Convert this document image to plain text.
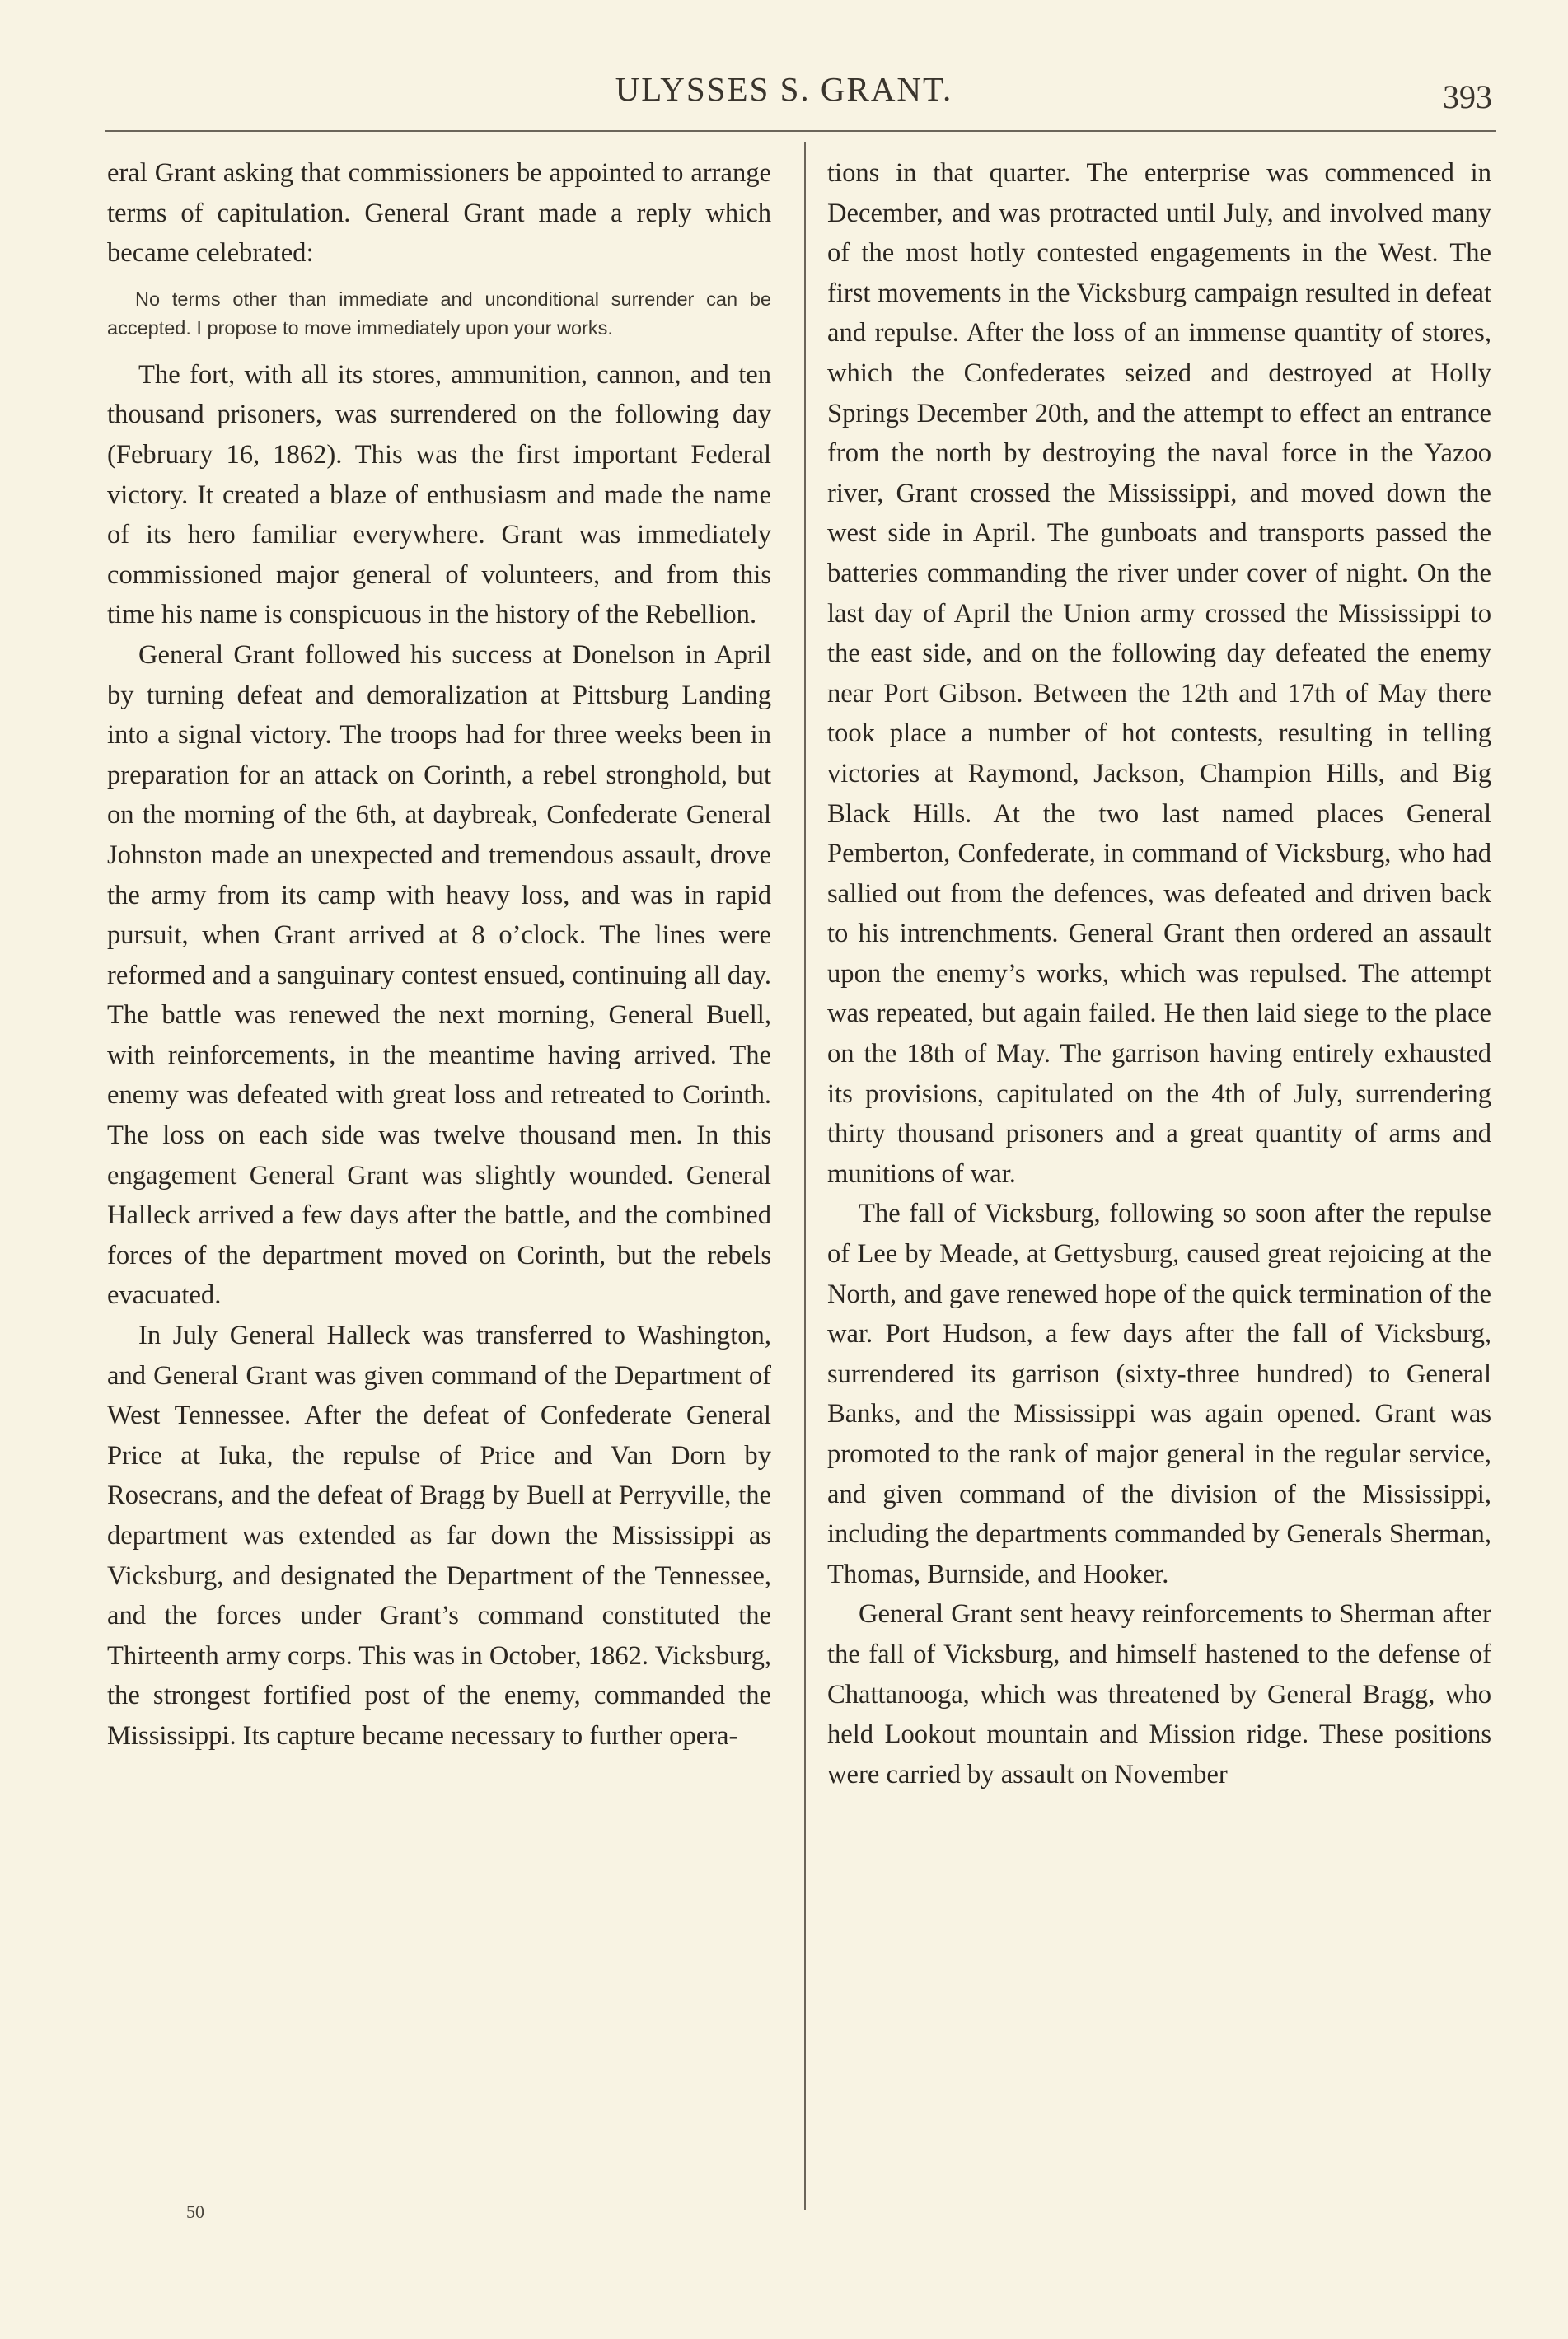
ULYSSES S. GRANT.	393

eral Grant asking that commissioners be appointed to arrange terms of capitulation. General Grant made a reply which became celebrated:

No terms other than immediate and unconditional surrender can be accepted. I propose to move immediately upon your works.

The fort, with all its stores, ammunition, cannon, and ten thousand prisoners, was surrendered on the following day (February 16, 1862). This was the first important Federal victory. It created a blaze of enthusiasm and made the name of its hero familiar everywhere. Grant was immediately commissioned major general of volunteers, and from this time his name is conspicuous in the history of the Rebellion.

General Grant followed his success at Donelson in April by turning defeat and demoralization at Pittsburg Landing into a signal victory. The troops had for three weeks been in preparation for an attack on Corinth, a rebel stronghold, but on the morning of the 6th, at daybreak, Confederate General Johnston made an unexpected and tremendous assault, drove the army from its camp with heavy loss, and was in rapid pursuit, when Grant arrived at 8 o’clock. The lines were reformed and a sanguinary contest ensued, continuing all day. The battle was renewed the next morning, General Buell, with reinforcements, in the meantime having arrived. The enemy was defeated with great loss and retreated to Corinth. The loss on each side was twelve thousand men. In this engagement General Grant was slightly wounded. General Halleck arrived a few days after the battle, and the combined forces of the department moved on Corinth, but the rebels evacuated.

In July General Halleck was transferred to Washington, and General Grant was given command of the Department of West Tennessee. After the defeat of Confederate General Price at Iuka, the repulse of Price and Van Dorn by Rosecrans, and the defeat of Bragg by Buell at Perryville, the department was extended as far down the Mississippi as Vicksburg, and designated the Department of the Tennessee, and the forces under Grant’s command constituted the Thirteenth army corps. This was in October, 1862. Vicksburg, the strongest fortified post of the enemy, commanded the Mississippi. Its capture became necessary to further opera-

tions in that quarter. The enterprise was commenced in December, and was protracted until July, and involved many of the most hotly contested engagements in the West. The first movements in the Vicksburg campaign resulted in defeat and repulse. After the loss of an immense quantity of stores, which the Confederates seized and destroyed at Holly Springs December 20th, and the attempt to effect an entrance from the north by destroying the naval force in the Yazoo river, Grant crossed the Mississippi, and moved down the west side in April. The gunboats and transports passed the batteries commanding the river under cover of night. On the last day of April the Union army crossed the Mississippi to the east side, and on the following day defeated the enemy near Port Gibson. Between the 12th and 17th of May there took place a number of hot contests, resulting in telling victories at Raymond, Jackson, Champion Hills, and Big Black Hills. At the two last named places General Pemberton, Confederate, in command of Vicksburg, who had sallied out from the defences, was defeated and driven back to his intrenchments. General Grant then ordered an assault upon the enemy’s works, which was repulsed. The attempt was repeated, but again failed. He then laid siege to the place on the 18th of May. The garrison having entirely exhausted its provisions, capitulated on the 4th of July, surrendering thirty thousand prisoners and a great quantity of arms and munitions of war.

The fall of Vicksburg, following so soon after the repulse of Lee by Meade, at Gettysburg, caused great rejoicing at the North, and gave renewed hope of the quick termination of the war. Port Hudson, a few days after the fall of Vicksburg, surrendered its garrison (sixty-three hundred) to General Banks, and the Mississippi was again opened. Grant was promoted to the rank of major general in the regular service, and given command of the division of the Mississippi, including the departments commanded by Generals Sherman, Thomas, Burnside, and Hooker.

General Grant sent heavy reinforcements to Sherman after the fall of Vicksburg, and himself hastened to the defense of Chattanooga, which was threatened by General Bragg, who held Lookout mountain and Mission ridge. These positions were carried by assault on November

50
